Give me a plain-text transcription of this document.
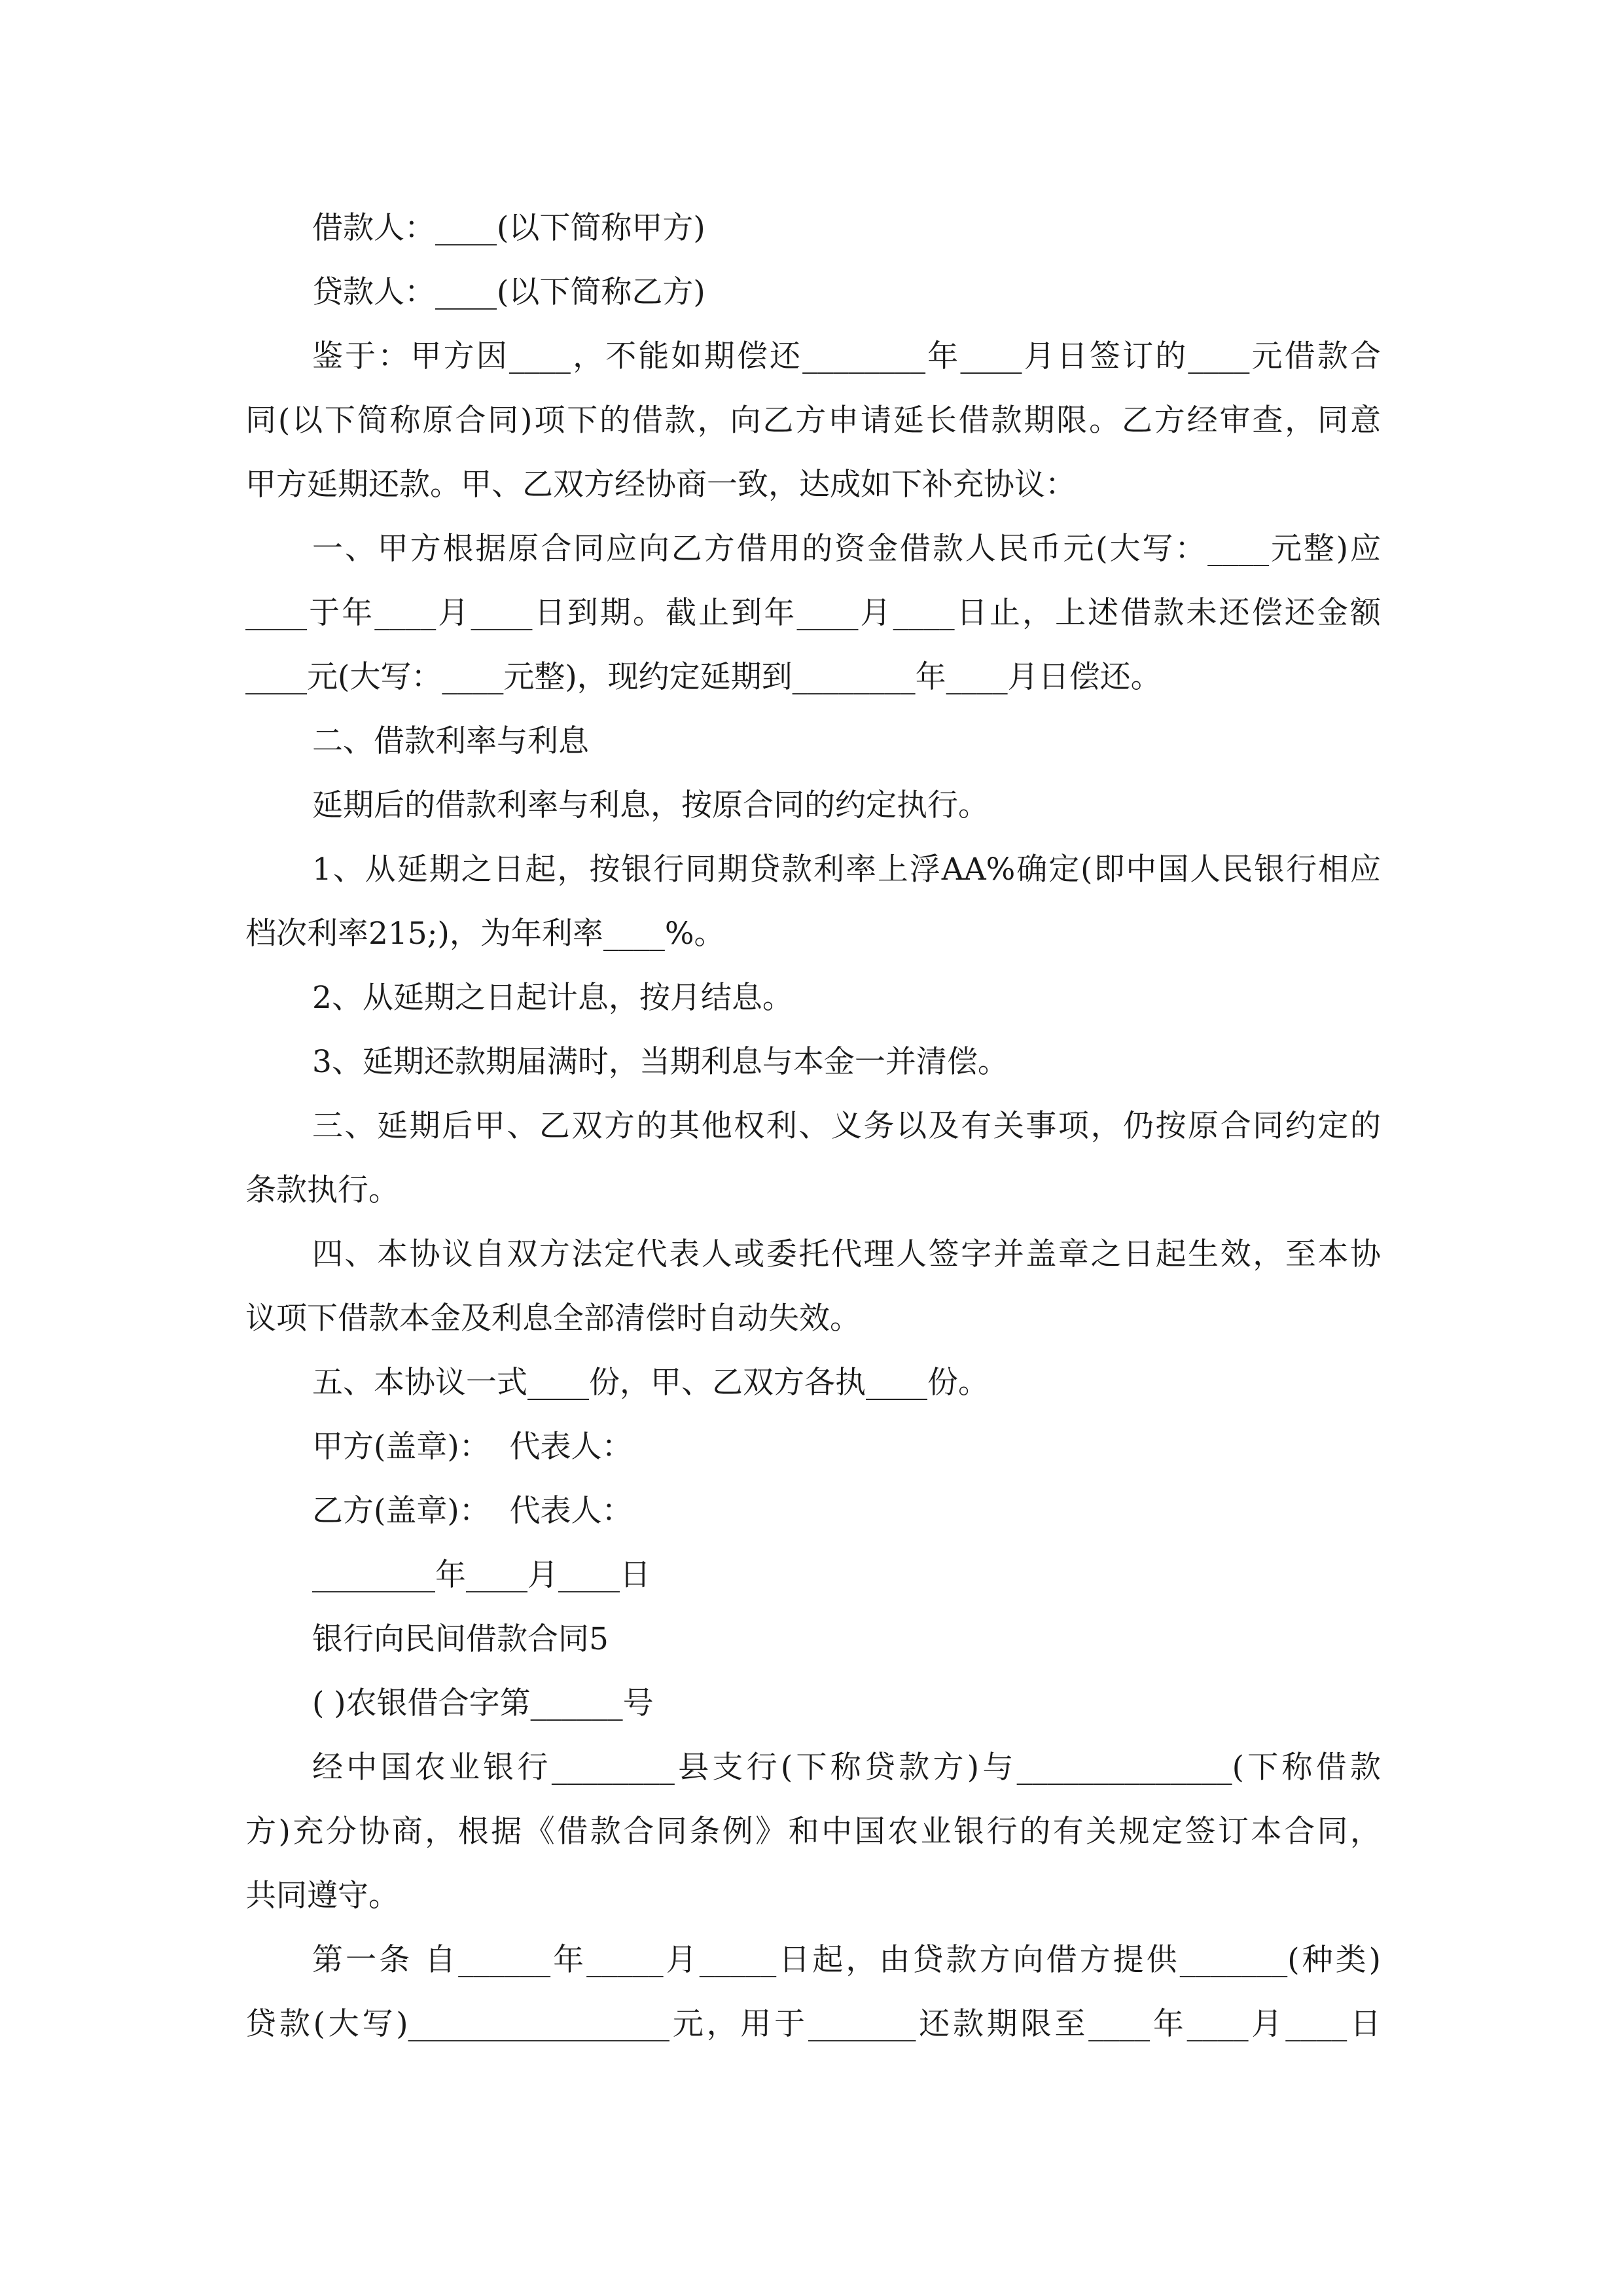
借款人：____(以下简称甲方)
贷款人：____(以下简称乙方)
鉴于：甲方因____，不能如期偿还________年____月日签订的____元借款合
同(以下简称原合同)项下的借款，向乙方申请延长借款期限。乙方经审查，同意
甲方延期还款。甲、乙双方经协商一致，达成如下补充协议：
一、甲方根据原合同应向乙方借用的资金借款人民币元(大写：____元整)应
____于年____月____日到期。截止到年____月____日止，上述借款未还偿还金额
____元(大写：____元整)，现约定延期到________年____月日偿还。
二、借款利率与利息
延期后的借款利率与利息，按原合同的约定执行。
1、从延期之日起，按银行同期贷款利率上浮AA%确定(即中国人民银行相应
档次利率215;)，为年利率____%。
2、从延期之日起计息，按月结息。
3、延期还款期届满时，当期利息与本金一并清偿。
三、延期后甲、乙双方的其他权利、义务以及有关事项，仍按原合同约定的
条款执行。
四、本协议自双方法定代表人或委托代理人签字并盖章之日起生效，至本协
议项下借款本金及利息全部清偿时自动失效。
五、本协议一式____份，甲、乙双方各执____份。
甲方(盖章)：  代表人：
乙方(盖章)：  代表人：
________年____月____日
银行向民间借款合同5
( )农银借合字第______号
经中国农业银行________县支行(下称贷款方)与______________(下称借款
方)充分协商，根据《借款合同条例》和中国农业银行的有关规定签订本合同，
共同遵守。
第一条 自______年_____月_____日起，由贷款方向借方提供_______(种类)
贷款(大写)_________________元，用于_______还款期限至____年____月____日
